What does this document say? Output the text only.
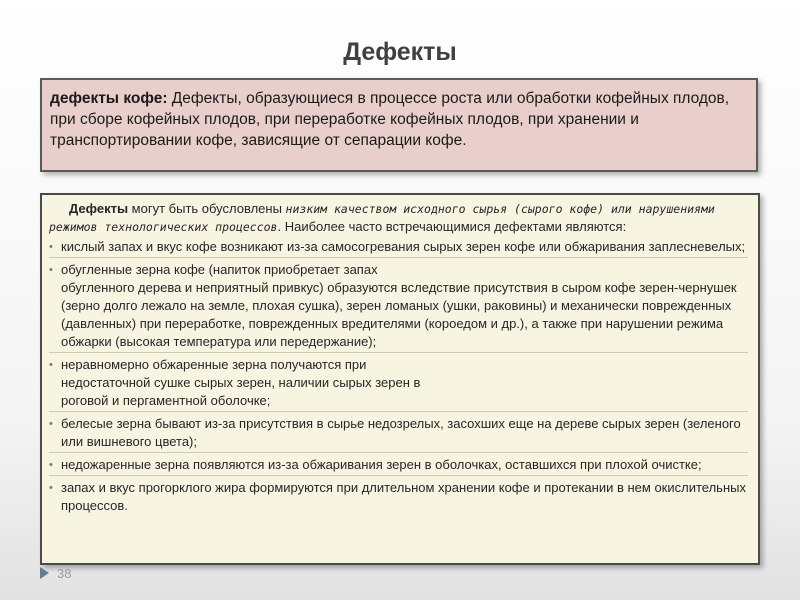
Дефекты
дефекты кофе: Дефекты, образующиеся в процессе роста или обработки кофейных плодов, при сборе кофейных плодов, при переработке кофейных плодов, при хранении и транспортировании кофе, зависящие от сепарации кофе.

Дефекты могут быть обусловлены низким качеством исходного сырья (сырого кофе) или нарушениями режимов технологических процессов. Наиболее часто встречающимися дефектами являются:

• кислый запах и вкус кофе возникают из-за самосогревания сырых зерен кофе или обжаривания заплесневелых;
• обугленные зерна кофе (напиток приобретает запах
обугленного дерева и неприятный привкус) образуются вследствие присутствия в сыром кофе зерен-чернушек (зерно долго лежало на земле, плохая сушка), зерен ломаных (ушки, раковины) и механически поврежденных (давленных) при переработке, поврежденных вредителями (короедом и др.), а также при нарушении режима обжарки (высокая температура или передержание);
• неравномерно обжаренные зерна получаются при
недостаточной сушке сырых зерен, наличии сырых зерен в
роговой и пергаментной оболочке;
• белесые зерна бывают из-за присутствия в сырье недозрелых, засохших еще на дереве сырых зерен (зеленого или вишневого цвета);
• недожаренные зерна появляются из-за обжаривания зерен в оболочках, оставшихся при плохой очистке;
• запах и вкус прогорклого жира формируются при длительном хранении кофе и протекании в нем окислительных процессов.
38
